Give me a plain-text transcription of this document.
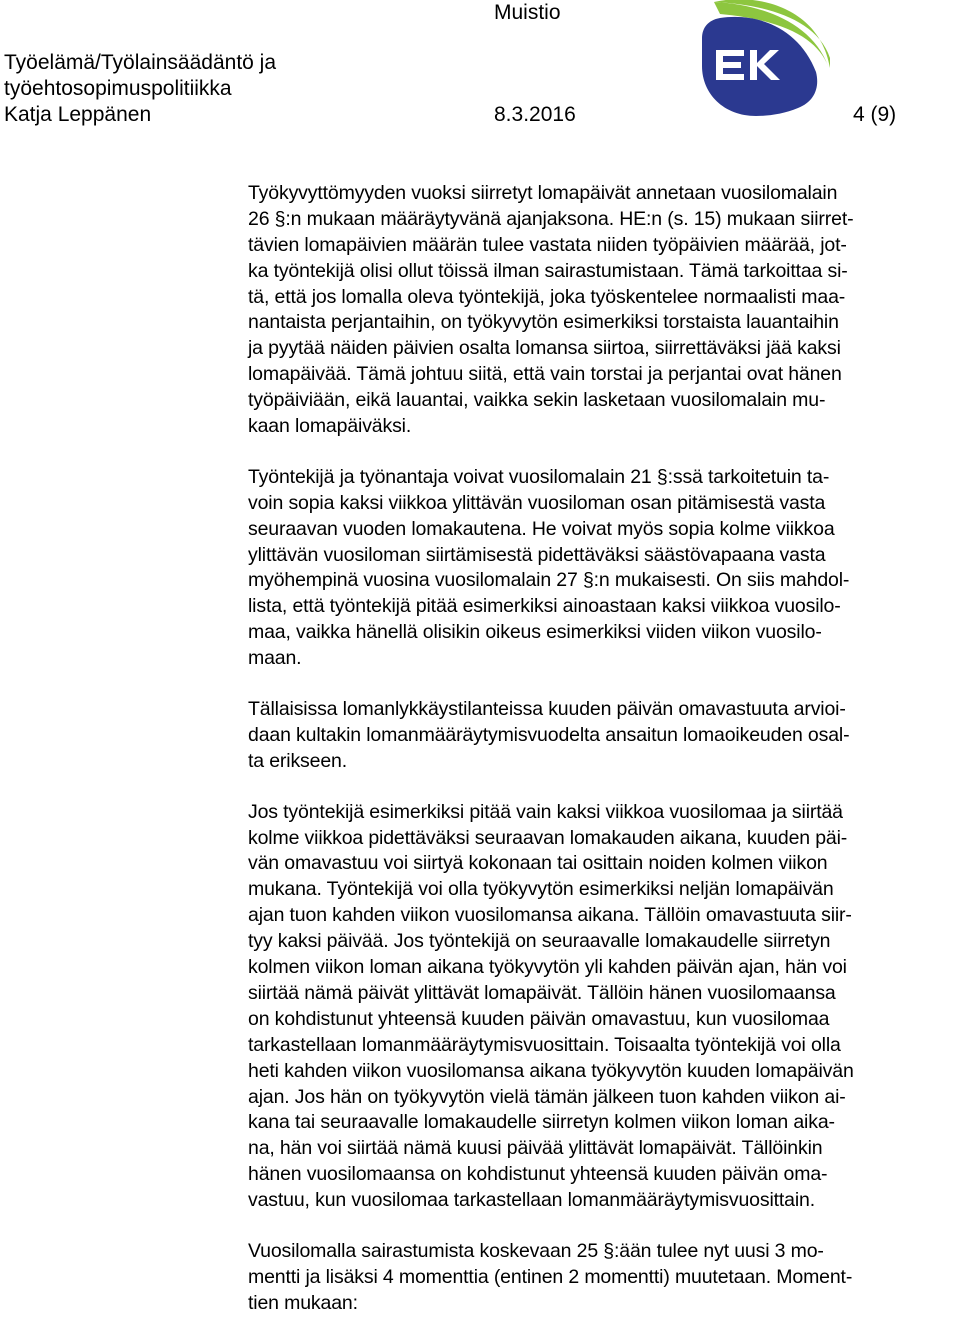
Muistio

Työelämä/Työlainsäädäntö ja

työehtosopimuspolitiikka

Katja Leppänen	8.3.2016	4 (9)

Työkyvyttömyyden vuoksi siirretyt lomapäivät annetaan vuosilomalain
26 §:n mukaan määräytyvänä ajanjaksona. HE:n (s. 15) mukaan siirret-
tävien lomapäivien määrän tulee vastata niiden työpäivien määrää, jot-
ka työntekijä olisi ollut töissä ilman sairastumistaan. Tämä tarkoittaa si-
tä, että jos lomalla oleva työntekijä, joka työskentelee normaalisti maa-
nantaista perjantaihin, on työkyvytön esimerkiksi torstaista lauantaihin
ja pyytää näiden päivien osalta lomansa siirtoa, siirrettäväksi jää kaksi
lomapäivää. Tämä johtuu siitä, että vain torstai ja perjantai ovat hänen
työpäiviään, eikä lauantai, vaikka sekin lasketaan vuosilomalain mu-
kaan lomapäiväksi.
Työntekijä ja työnantaja voivat vuosilomalain 21 §:ssä tarkoitetuin ta-
voin sopia kaksi viikkoa ylittävän vuosiloman osan pitämisestä vasta
seuraavan vuoden lomakautena. He voivat myös sopia kolme viikkoa
ylittävän vuosiloman siirtämisestä pidettäväksi säästövapaana vasta
myöhempinä vuosina vuosilomalain 27 §:n mukaisesti. On siis mahdol-
lista, että työntekijä pitää esimerkiksi ainoastaan kaksi viikkoa vuosilo-
maa, vaikka hänellä olisikin oikeus esimerkiksi viiden viikon vuosilo-
maan.
Tällaisissa lomanlykkäystilanteissa kuuden päivän omavastuuta arvioi-
daan kultakin lomanmääräytymisvuodelta ansaitun lomaoikeuden osal-
ta erikseen.
Jos työntekijä esimerkiksi pitää vain kaksi viikkoa vuosilomaa ja siirtää
kolme viikkoa pidettäväksi seuraavan lomakauden aikana, kuuden päi-
vän omavastuu voi siirtyä kokonaan tai osittain noiden kolmen viikon
mukana. Työntekijä voi olla työkyvytön esimerkiksi neljän lomapäivän
ajan tuon kahden viikon vuosilomansa aikana. Tällöin omavastuuta siir-
tyy kaksi päivää. Jos työntekijä on seuraavalle lomakaudelle siirretyn
kolmen viikon loman aikana työkyvytön yli kahden päivän ajan, hän voi
siirtää nämä päivät ylittävät lomapäivät. Tällöin hänen vuosilomaansa
on kohdistunut yhteensä kuuden päivän omavastuu, kun vuosilomaa
tarkastellaan lomanmääräytymisvuosittain. Toisaalta työntekijä voi olla
heti kahden viikon vuosilomansa aikana työkyvytön kuuden lomapäivän
ajan. Jos hän on työkyvytön vielä tämän jälkeen tuon kahden viikon ai-
kana tai seuraavalle lomakaudelle siirretyn kolmen viikon loman aika-
na, hän voi siirtää nämä kuusi päivää ylittävät lomapäivät. Tällöinkin
hänen vuosilomaansa on kohdistunut yhteensä kuuden päivän oma-
vastuu, kun vuosilomaa tarkastellaan lomanmääräytymisvuosittain.
Vuosilomalla sairastumista koskevaan 25 §:ään tulee nyt uusi 3 mo-
mentti ja lisäksi 4 momenttia (entinen 2 momentti) muutetaan. Moment-
tien mukaan:
